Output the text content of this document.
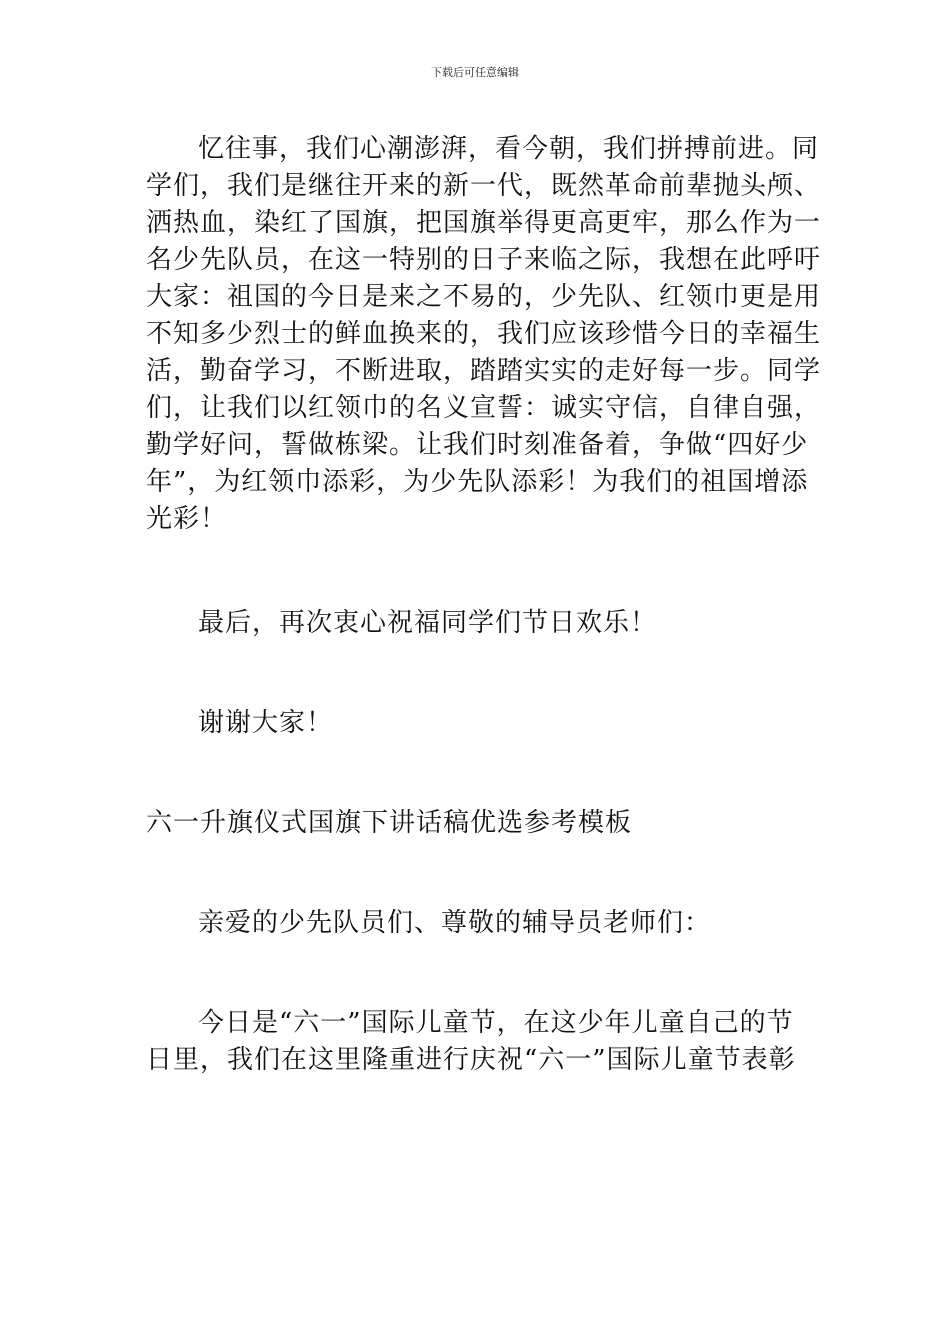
下载后可任意编辑
忆往事，我们心潮澎湃，看今朝，我们拼搏前进。同
学们，我们是继往开来的新一代，既然革命前辈抛头颅、
洒热血，染红了国旗，把国旗举得更高更牢，那么作为一
名少先队员，在这一特别的日子来临之际，我想在此呼吁
大家：祖国的今日是来之不易的，少先队、红领巾更是用
不知多少烈士的鲜血换来的，我们应该珍惜今日的幸福生
活，勤奋学习，不断进取，踏踏实实的走好每一步。同学
们，让我们以红领巾的名义宣誓：诚实守信，自律自强，
勤学好问，誓做栋梁。让我们时刻准备着，争做“四好少
年”，为红领巾添彩，为少先队添彩！为我们的祖国增添
光彩！

最后，再次衷心祝福同学们节日欢乐！

谢谢大家！

六一升旗仪式国旗下讲话稿优选参考模板

亲爱的少先队员们、尊敬的辅导员老师们：

今日是“六一”国际儿童节，在这少年儿童自己的节
日里，我们在这里隆重进行庆祝“六一”国际儿童节表彰
